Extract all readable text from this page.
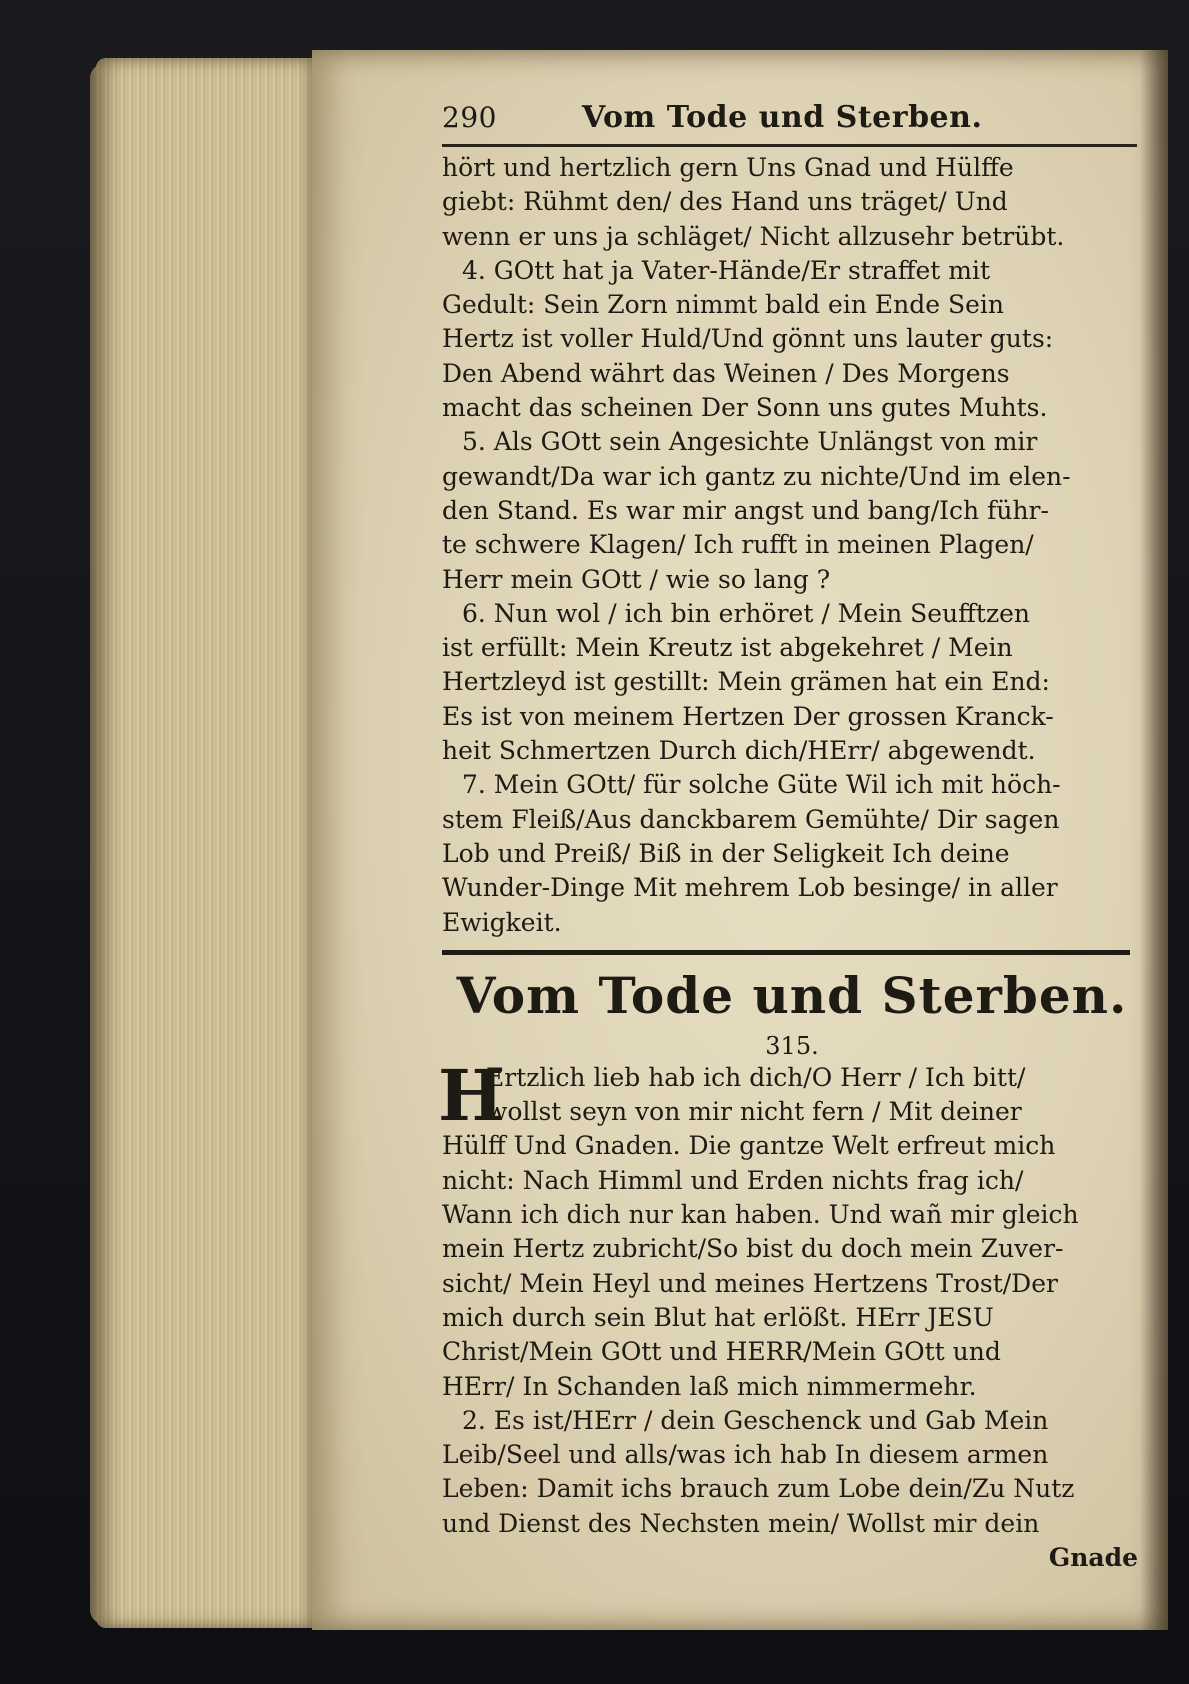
290	Vom Tode und Sterben.
hört und hertzlich gern Uns Gnad und Hülffe
giebt: Rühmt den/ des Hand uns träget/ Und
wenn er uns ja schläget/ Nicht allzusehr betrübt.
4. GOtt hat ja Vater-Hände/Er straffet mit
Gedult: Sein Zorn nimmt bald ein Ende Sein
Hertz ist voller Huld/Und gönnt uns lauter guts:
Den Abend währt das Weinen / Des Morgens
macht das scheinen Der Sonn uns gutes Muhts.
5. Als GOtt sein Angesichte Unlängst von mir
gewandt/Da war ich gantz zu nichte/Und im elen-
den Stand. Es war mir angst und bang/Ich führ-
te schwere Klagen/ Ich rufft in meinen Plagen/
Herr mein GOtt / wie so lang ?
6. Nun wol / ich bin erhöret / Mein Seufftzen
ist erfüllt: Mein Kreutz ist abgekehret / Mein
Hertzleyd ist gestillt: Mein grämen hat ein End:
Es ist von meinem Hertzen Der grossen Kranck-
heit Schmertzen Durch dich/HErr/ abgewendt.
7. Mein GOtt/ für solche Güte Wil ich mit höch-
stem Fleiß/Aus danckbarem Gemühte/ Dir sagen
Lob und Preiß/ Biß in der Seligkeit Ich deine
Wunder-Dinge Mit mehrem Lob besinge/ in aller
Ewigkeit.
Vom Tode und Sterben.
315.
H
Ertzlich lieb hab ich dich/O Herr / Ich bitt/
wollst seyn von mir nicht fern / Mit deiner
Hülff Und Gnaden. Die gantze Welt erfreut mich
nicht: Nach Himml und Erden nichts frag ich/
Wann ich dich nur kan haben. Und wañ mir gleich
mein Hertz zubricht/So bist du doch mein Zuver-
sicht/ Mein Heyl und meines Hertzens Trost/Der
mich durch sein Blut hat erlößt. HErr JESU
Christ/Mein GOtt und HERR/Mein GOtt und
HErr/ In Schanden laß mich nimmermehr.
2. Es ist/HErr / dein Geschenck und Gab Mein
Leib/Seel und alls/was ich hab In diesem armen
Leben: Damit ichs brauch zum Lobe dein/Zu Nutz
und Dienst des Nechsten mein/ Wollst mir dein
Gnade
